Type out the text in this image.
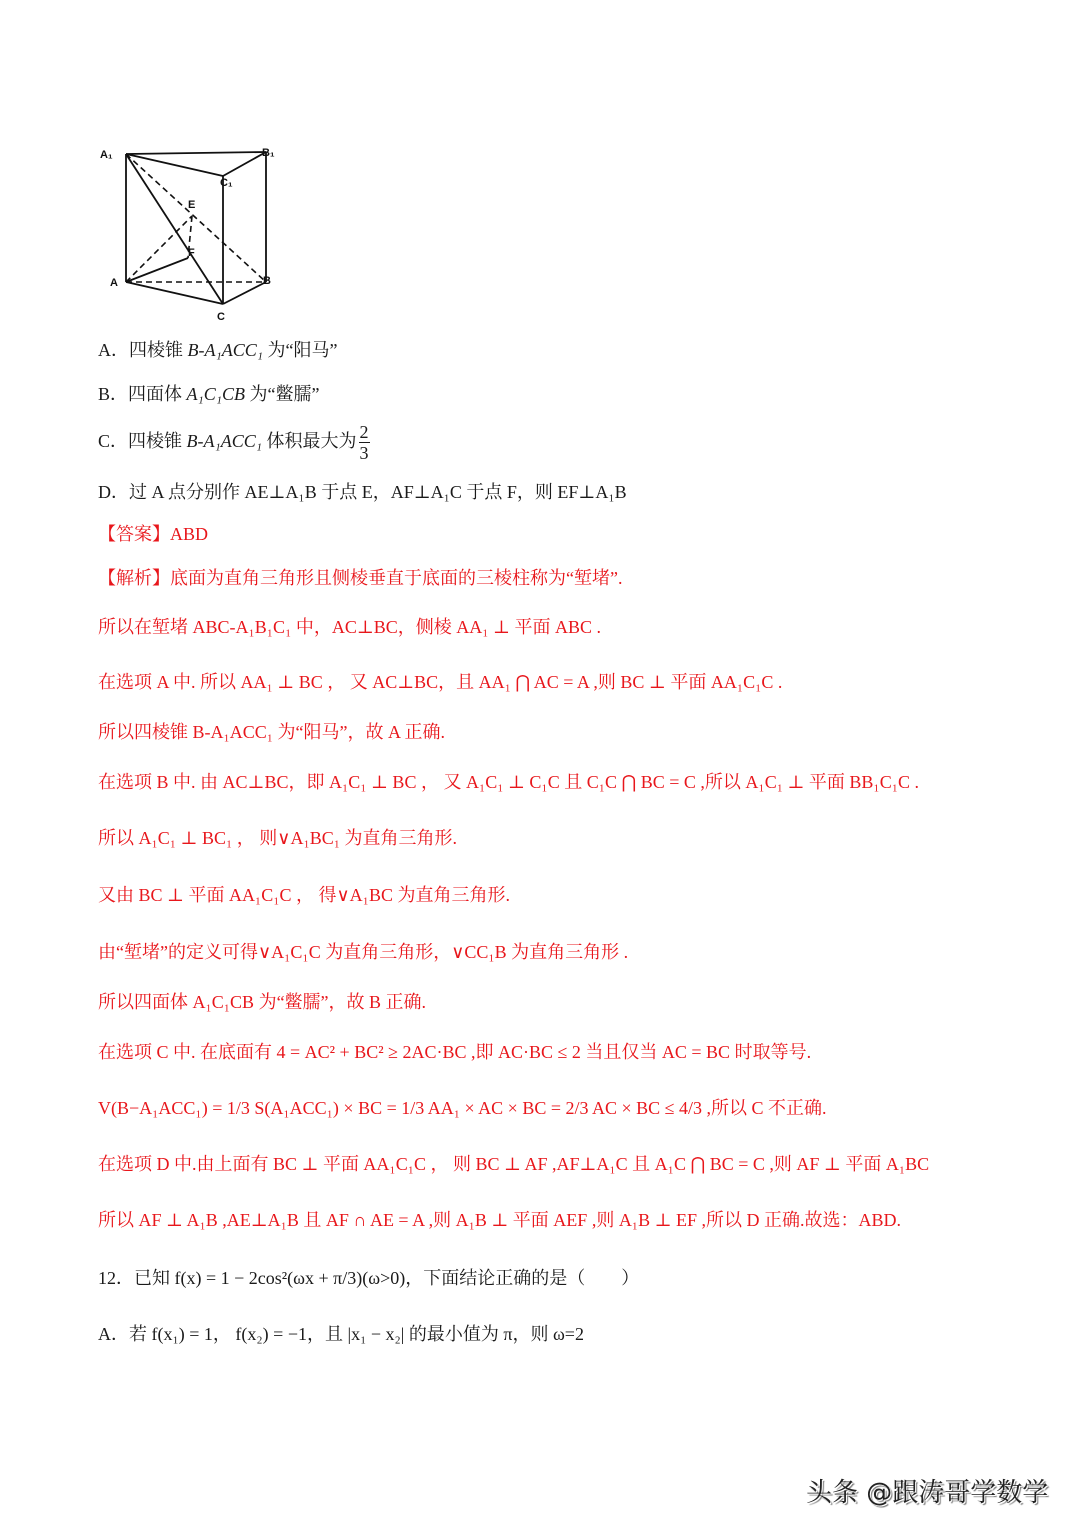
A₁	B₁
C₁
E
F
A	B
C
A．四棱锥 B-A₁ACC₁ 为“阳马”
B．四面体 A₁C₁CB 为“鳖臑”
C．四棱锥 B-A₁ACC₁ 体积最大为 $\frac{2}{3}$
D．过 A 点分别作 AE⊥A₁B 于点 E，AF⊥A₁C 于点 F，则 EF⊥A₁B
【答案】ABD
【解析】底面为直角三角形且侧棱垂直于底面的三棱柱称为“堑堵”.
所以在堑堵 ABC-A₁B₁C₁ 中，AC⊥BC，侧棱 AA₁ ⊥ 平面 ABC .
在选项 A 中. 所以 AA₁ ⊥ BC ， 又 AC⊥BC，且 AA₁ ⋂ AC = A ,则 BC ⊥ 平面 AA₁C₁C .
所以四棱锥 B-A₁ACC₁ 为“阳马”，故 A 正确.
在选项 B 中. 由 AC⊥BC，即 A₁C₁ ⊥ BC ， 又 A₁C₁ ⊥ C₁C 且 C₁C ⋂ BC = C ,所以 A₁C₁ ⊥ 平面 BB₁C₁C .
所以 A₁C₁ ⊥ BC₁ ， 则∨A₁BC₁ 为直角三角形.
又由 BC ⊥ 平面 AA₁C₁C ， 得∨A₁BC 为直角三角形.
由“堑堵”的定义可得∨A₁C₁C 为直角三角形，∨CC₁B 为直角三角形 .
所以四面体 A₁C₁CB 为“鳖臑”，故 B 正确.
在选项 C 中. 在底面有 4 = AC² + BC² ≥ 2AC·BC ,即 AC·BC ≤ 2 当且仅当 AC = BC 时取等号.
V(B−A₁ACC₁) = 1/3 S(A₁ACC₁) × BC = 1/3 AA₁ × AC × BC = 2/3 AC × BC ≤ 4/3 ,所以 C 不正确.
在选项 D 中.由上面有 BC ⊥ 平面 AA₁C₁C ， 则 BC ⊥ AF ,AF⊥A₁C 且 A₁C ⋂ BC = C ,则 AF ⊥ 平面 A₁BC
所以 AF ⊥ A₁B ,AE⊥A₁B 且 AF ∩ AE = A ,则 A₁B ⊥ 平面 AEF ,则 A₁B ⊥ EF ,所以 D 正确.故选：ABD.
12．已知 f(x) = 1 − 2cos²(ωx + π/3)(ω>0)，下面结论正确的是（　　）
A．若 f(x₁) = 1， f(x₂) = −1，且 |x₁ − x₂| 的最小值为 π，则 ω=2
头条 @跟涛哥学数学
